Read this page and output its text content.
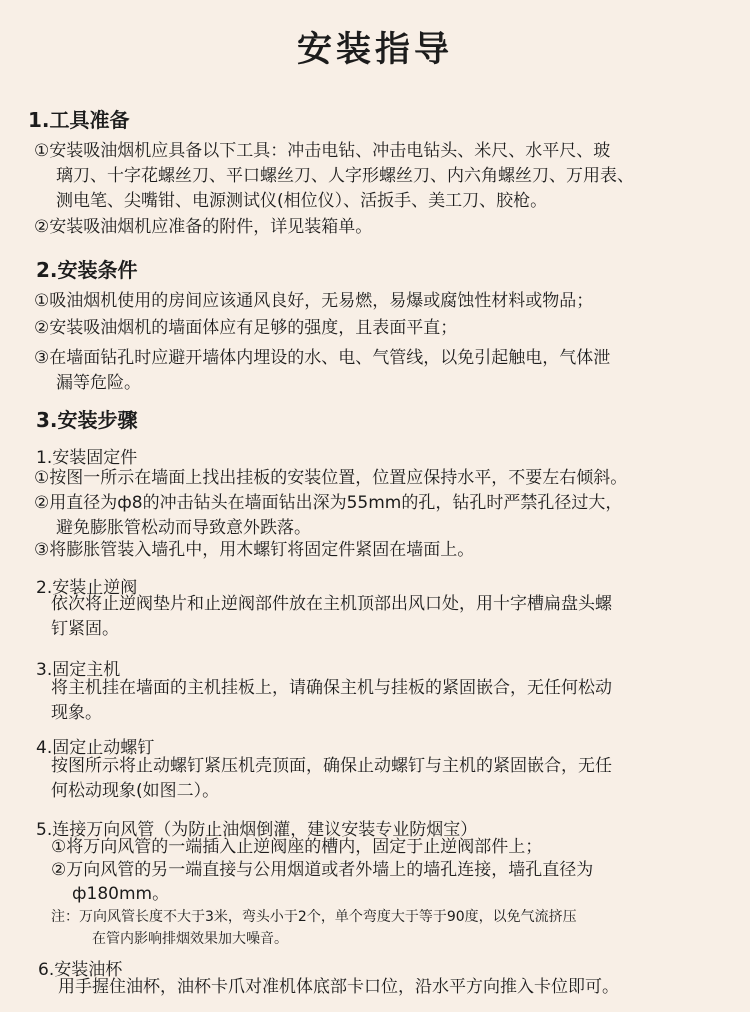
安装指导
1.工具准备
①安装吸油烟机应具备以下工具：冲击电钻、冲击电钻头、米尺、水平尺、玻
璃刀、十字花螺丝刀、平口螺丝刀、人字形螺丝刀、内六角螺丝刀、万用表、
测电笔、尖嘴钳、电源测试仪(相位仪）、活扳手、美工刀、胶枪。
②安装吸油烟机应准备的附件，详见装箱单。
2.安装条件
①吸油烟机使用的房间应该通风良好，无易燃，易爆或腐蚀性材料或物品；
②安装吸油烟机的墙面体应有足够的强度，且表面平直；
③在墙面钻孔时应避开墙体内埋设的水、电、气管线，以免引起触电，气体泄
漏等危险。
3.安装步骤
1.安装固定件
①按图一所示在墙面上找出挂板的安装位置，位置应保持水平，不要左右倾斜。
②用直径为ф8的冲击钻头在墙面钻出深为55mm的孔，钻孔时严禁孔径过大，
避免膨胀管松动而导致意外跌落。
③将膨胀管装入墙孔中，用木螺钉将固定件紧固在墙面上。
2.安装止逆阀
依次将止逆阀垫片和止逆阀部件放在主机顶部出风口处，用十字槽扁盘头螺
钉紧固。
3.固定主机
将主机挂在墙面的主机挂板上，请确保主机与挂板的紧固嵌合，无任何松动
现象。
4.固定止动螺钉
按图所示将止动螺钉紧压机壳顶面，确保止动螺钉与主机的紧固嵌合，无任
何松动现象(如图二）。
5.连接万向风管（为防止油烟倒灌，建议安装专业防烟宝）
①将万向风管的一端插入止逆阀座的槽内，固定于止逆阀部件上；
②万向风管的另一端直接与公用烟道或者外墙上的墙孔连接，墙孔直径为
ф180mm。
注：万向风管长度不大于3米，弯头小于2个，单个弯度大于等于90度，以免气流挤压
在管内影响排烟效果加大噪音。
6.安装油杯
用手握住油杯，油杯卡爪对准机体底部卡口位，沿水平方向推入卡位即可。
